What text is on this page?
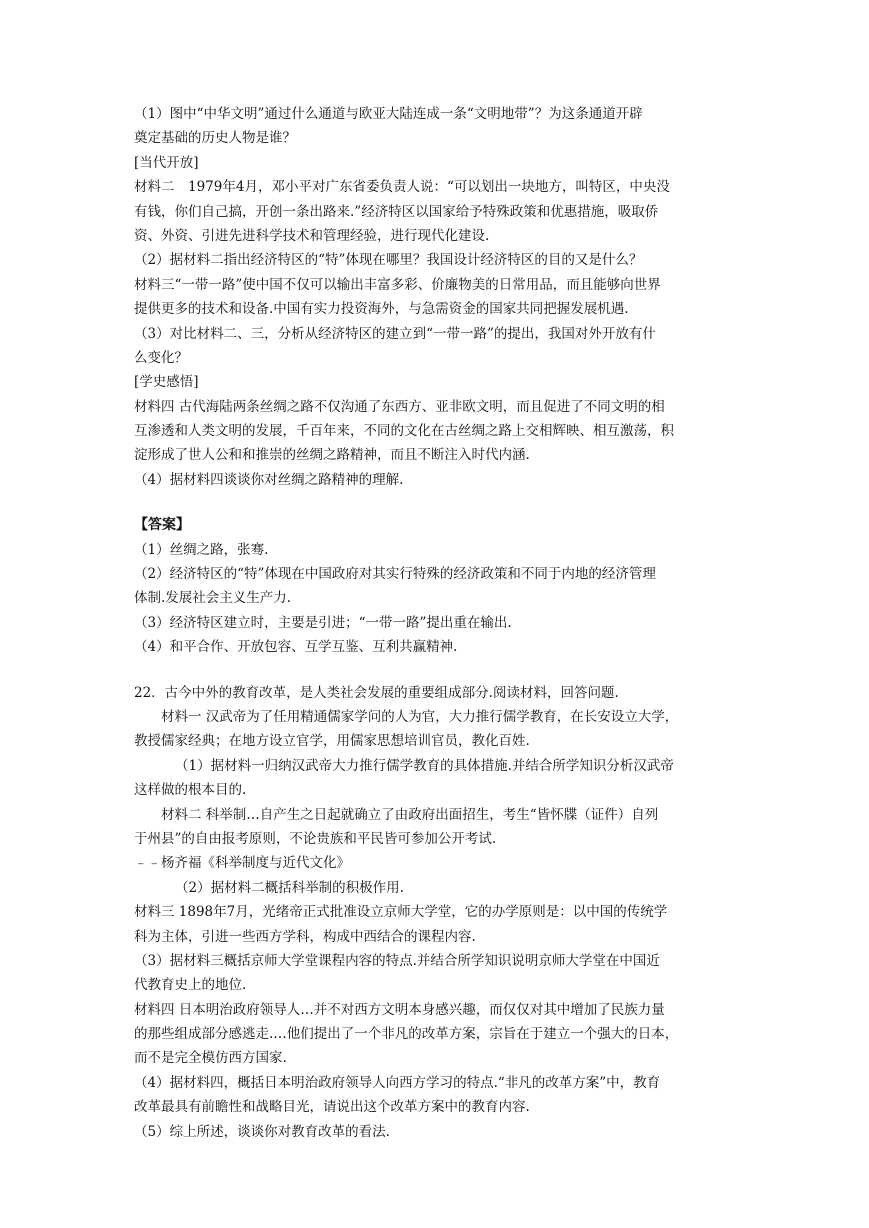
（1）图中“中华文明”通过什么通道与欧亚大陆连成一条“文明地带”？为这条通道开辟
奠定基础的历史人物是谁？
[当代开放]
材料二　1979年4月，邓小平对广东省委负责人说：“可以划出一块地方，叫特区，中央没
有钱，你们自己搞，开创一条出路来.”经济特区以国家给予特殊政策和优惠措施，吸取侨
资、外资、引进先进科学技术和管理经验，进行现代化建设.
（2）据材料二指出经济特区的“特”体现在哪里？我国设计经济特区的目的又是什么？
材料三“一带一路”使中国不仅可以输出丰富多彩、价廉物美的日常用品，而且能够向世界
提供更多的技术和设备.中国有实力投资海外，与急需资金的国家共同把握发展机遇.
（3）对比材料二、三，分析从经济特区的建立到“一带一路”的提出，我国对外开放有什
么变化？
[学史感悟]
材料四 古代海陆两条丝绸之路不仅沟通了东西方、亚非欧文明，而且促进了不同文明的相
互渗透和人类文明的发展，千百年来，不同的文化在古丝绸之路上交相辉映、相互激荡，积
淀形成了世人公和和推崇的丝绸之路精神，而且不断注入时代内涵.
（4）据材料四谈谈你对丝绸之路精神的理解.
【答案】
（1）丝绸之路，张骞.
（2）经济特区的“特”体现在中国政府对其实行特殊的经济政策和不同于内地的经济管理
体制.发展社会主义生产力.
（3）经济特区建立时，主要是引进；“一带一路”提出重在输出.
（4）和平合作、开放包容、互学互鉴、互利共赢精神.
22．古今中外的教育改革，是人类社会发展的重要组成部分.阅读材料，回答问题.
材料一 汉武帝为了任用精通儒家学问的人为官，大力推行儒学教育，在长安设立大学，
教授儒家经典；在地方设立官学，用儒家思想培训官员，教化百姓.
（1）据材料一归纳汉武帝大力推行儒学教育的具体措施.并结合所学知识分析汉武帝
这样做的根本目的.
材料二 科举制…自产生之日起就确立了由政府出面招生，考生“皆怀牒（证件）自列
于州县”的自由报考原则，不论贵族和平民皆可参加公开考试.
﹣﹣杨齐福《科举制度与近代文化》
（2）据材料二概括科举制的积极作用.
材料三 1898年7月，光绪帝正式批准设立京师大学堂，它的办学原则是：以中国的传统学
科为主体，引进一些西方学科，构成中西结合的课程内容.
（3）据材料三概括京师大学堂课程内容的特点.并结合所学知识说明京师大学堂在中国近
代教育史上的地位.
材料四 日本明治政府领导人…并不对西方文明本身感兴趣，而仅仅对其中增加了民族力量
的那些组成部分感逃走.…他们提出了一个非凡的改革方案，宗旨在于建立一个强大的日本，
而不是完全模仿西方国家.
（4）据材料四，概括日本明治政府领导人向西方学习的特点.“非凡的改革方案”中，教育
改革最具有前瞻性和战略目光，请说出这个改革方案中的教育内容.
（5）综上所述，谈谈你对教育改革的看法.
